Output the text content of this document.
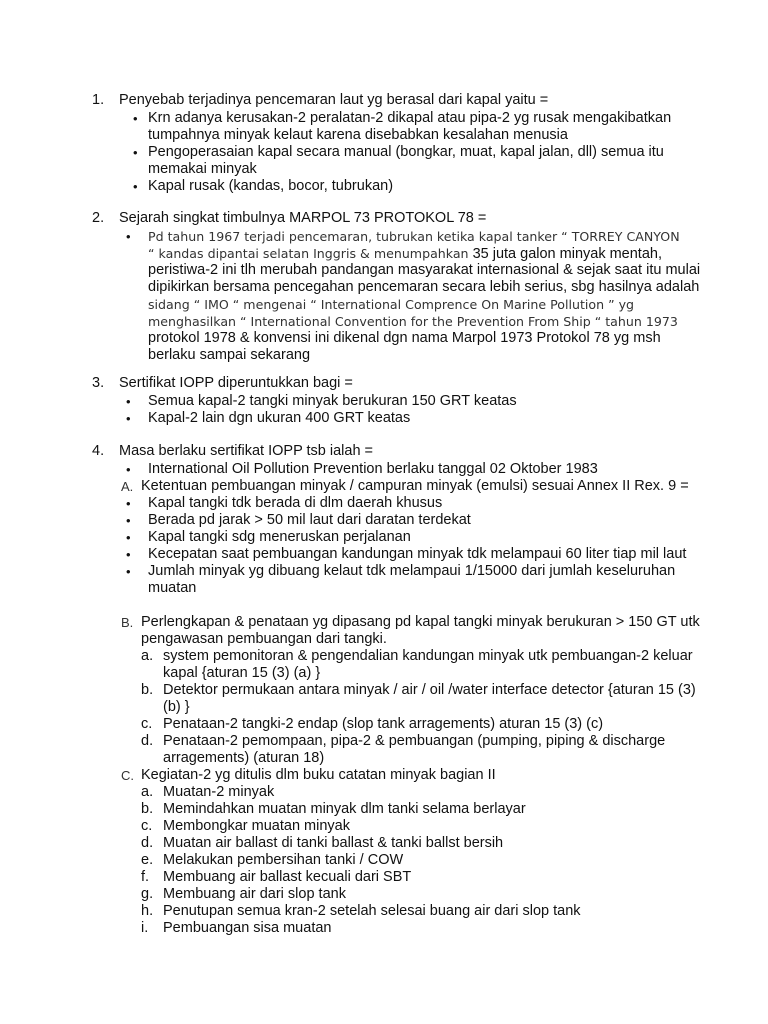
1. Penyebab terjadinya pencemaran laut yg berasal dari kapal yaitu =
• Krn adanya kerusakan-2 peralatan-2 dikapal atau pipa-2 yg rusak mengakibatkan
tumpahnya minyak kelaut karena disebabkan kesalahan menusia
• Pengoperasaian kapal secara manual (bongkar, muat, kapal jalan, dll) semua itu
memakai minyak
• Kapal rusak (kandas, bocor, tubrukan)
2. Sejarah singkat timbulnya MARPOL 73 PROTOKOL 78 =
• Pd tahun 1967 terjadi pencemaran, tubrukan ketika kapal tanker “ TORREY CANYON
“ kandas dipantai selatan Inggris & menumpahkan 35 juta galon minyak mentah,
peristiwa-2 ini tlh merubah pandangan masyarakat internasional & sejak saat itu mulai
dipikirkan bersama pencegahan pencemaran secara lebih serius, sbg hasilnya adalah
sidang “ IMO “ mengenai “ International Comprence On Marine Pollution ” yg
menghasilkan “ International Convention for the Prevention From Ship “ tahun 1973
protokol 1978 & konvensi ini dikenal dgn nama Marpol 1973 Protokol 78 yg msh
berlaku sampai sekarang
3. Sertifikat IOPP diperuntukkan bagi =
• Semua kapal-2 tangki minyak berukuran 150 GRT keatas
• Kapal-2 lain dgn ukuran 400 GRT keatas
4. Masa berlaku sertifikat IOPP tsb ialah =
• International Oil Pollution Prevention berlaku tanggal 02 Oktober 1983
A. Ketentuan pembuangan minyak / campuran minyak (emulsi) sesuai Annex II Rex. 9 =
• Kapal tangki tdk berada di dlm daerah khusus
• Berada pd jarak > 50 mil laut dari daratan terdekat
• Kapal tangki sdg meneruskan perjalanan
• Kecepatan saat pembuangan kandungan minyak tdk melampaui 60 liter tiap mil laut
• Jumlah minyak yg dibuang kelaut tdk melampaui 1/15000 dari jumlah keseluruhan
muatan
B. Perlengkapan & penataan yg dipasang pd kapal tangki minyak berukuran > 150 GT utk
pengawasan pembuangan dari tangki.
a. system pemonitoran & pengendalian kandungan minyak utk pembuangan-2 keluar
kapal {aturan 15 (3) (a) }
b. Detektor permukaan antara minyak / air / oil /water interface detector {aturan 15 (3)
(b) }
c. Penataan-2 tangki-2 endap (slop tank arragements) aturan 15 (3) (c)
d. Penataan-2 pemompaan, pipa-2 & pembuangan (pumping, piping & discharge
arragements) (aturan 18)
C. Kegiatan-2 yg ditulis dlm buku catatan minyak bagian II
a. Muatan-2 minyak
b. Memindahkan muatan minyak dlm tanki selama berlayar
c. Membongkar muatan minyak
d. Muatan air ballast di tanki ballast & tanki ballst bersih
e. Melakukan pembersihan tanki / COW
f. Membuang air ballast kecuali dari SBT
g. Membuang air dari slop tank
h. Penutupan semua kran-2 setelah selesai buang air dari slop tank
i. Pembuangan sisa muatan
